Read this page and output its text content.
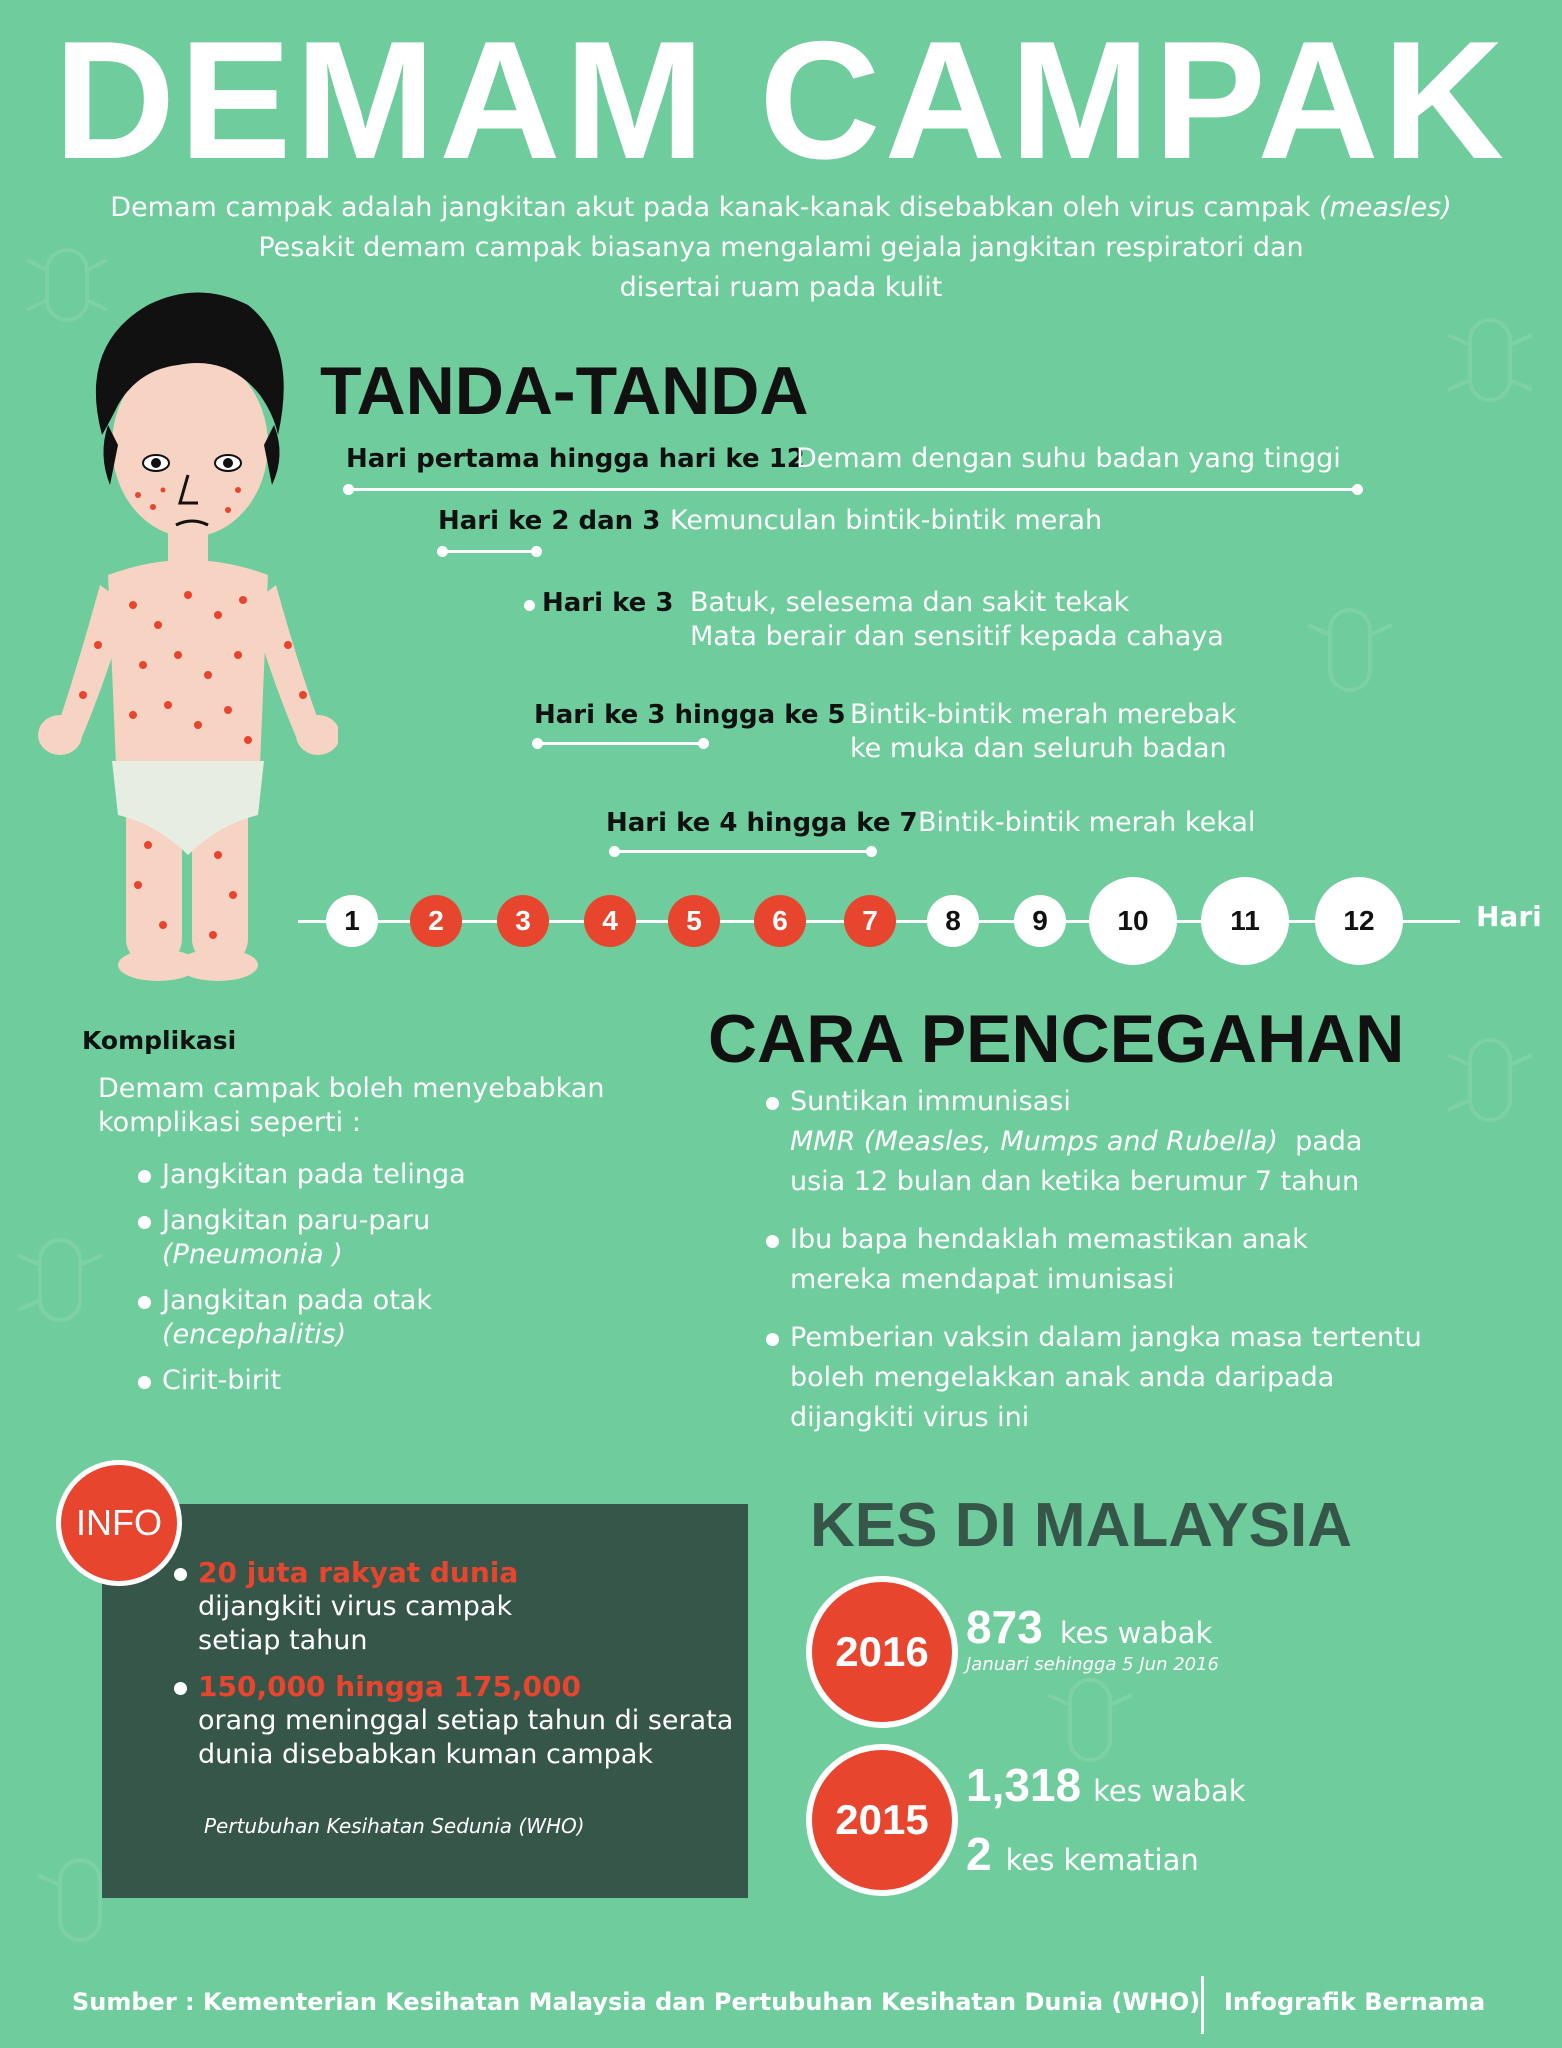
DEMAM CAMPAK
Demam campak adalah jangkitan akut pada kanak-kanak disebabkan oleh virus campak (measles)
Pesakit demam campak biasanya mengalami gejala jangkitan respiratori dan
disertai ruam pada kulit
TANDA-TANDA
1	2	3	4	5	6	7	8	9	10	11	12	Hari
Hari pertama hingga hari ke 12
Demam dengan suhu badan yang tinggi
Hari ke 2 dan 3 Kemunculan bintik-bintik merah
Hari ke 3 Batuk, selesema dan sakit tekak
Mata berair dan sensitif kepada cahaya
Hari ke 3 hingga ke 5 Bintik-bintik merah merebak
ke muka dan seluruh badan
Hari ke 4 hingga ke 7 Bintik-bintik merah kekal
Komplikasi
Demam campak boleh menyebabkan
komplikasi seperti :
Jangkitan pada telinga
Jangkitan paru-paru
(Pneumonia )
Jangkitan pada otak
(encephalitis)
Cirit-birit
CARA PENCEGAHAN
Suntikan immunisasi
MMR (Measles, Mumps and Rubella)  pada
usia 12 bulan dan ketika berumur 7 tahun
Ibu bapa hendaklah memastikan anak
mereka mendapat imunisasi
Pemberian vaksin dalam jangka masa tertentu
boleh mengelakkan anak anda daripada
dijangkiti virus ini
20 juta rakyat dunia
dijangkiti virus campak
setiap tahun
150,000 hingga 175,000
orang meninggal setiap tahun di serata
dunia disebabkan kuman campak
Pertubuhan Kesihatan Sedunia (WHO)
INFO	KES DI MALAYSIA
2016 873 kes wabak
Januari sehingga 5 Jun 2016
2015
1,318 kes wabak
2 kes kematian
Sumber : Kementerian Kesihatan Malaysia dan Pertubuhan Kesihatan Dunia (WHO) Infografik Bernama
